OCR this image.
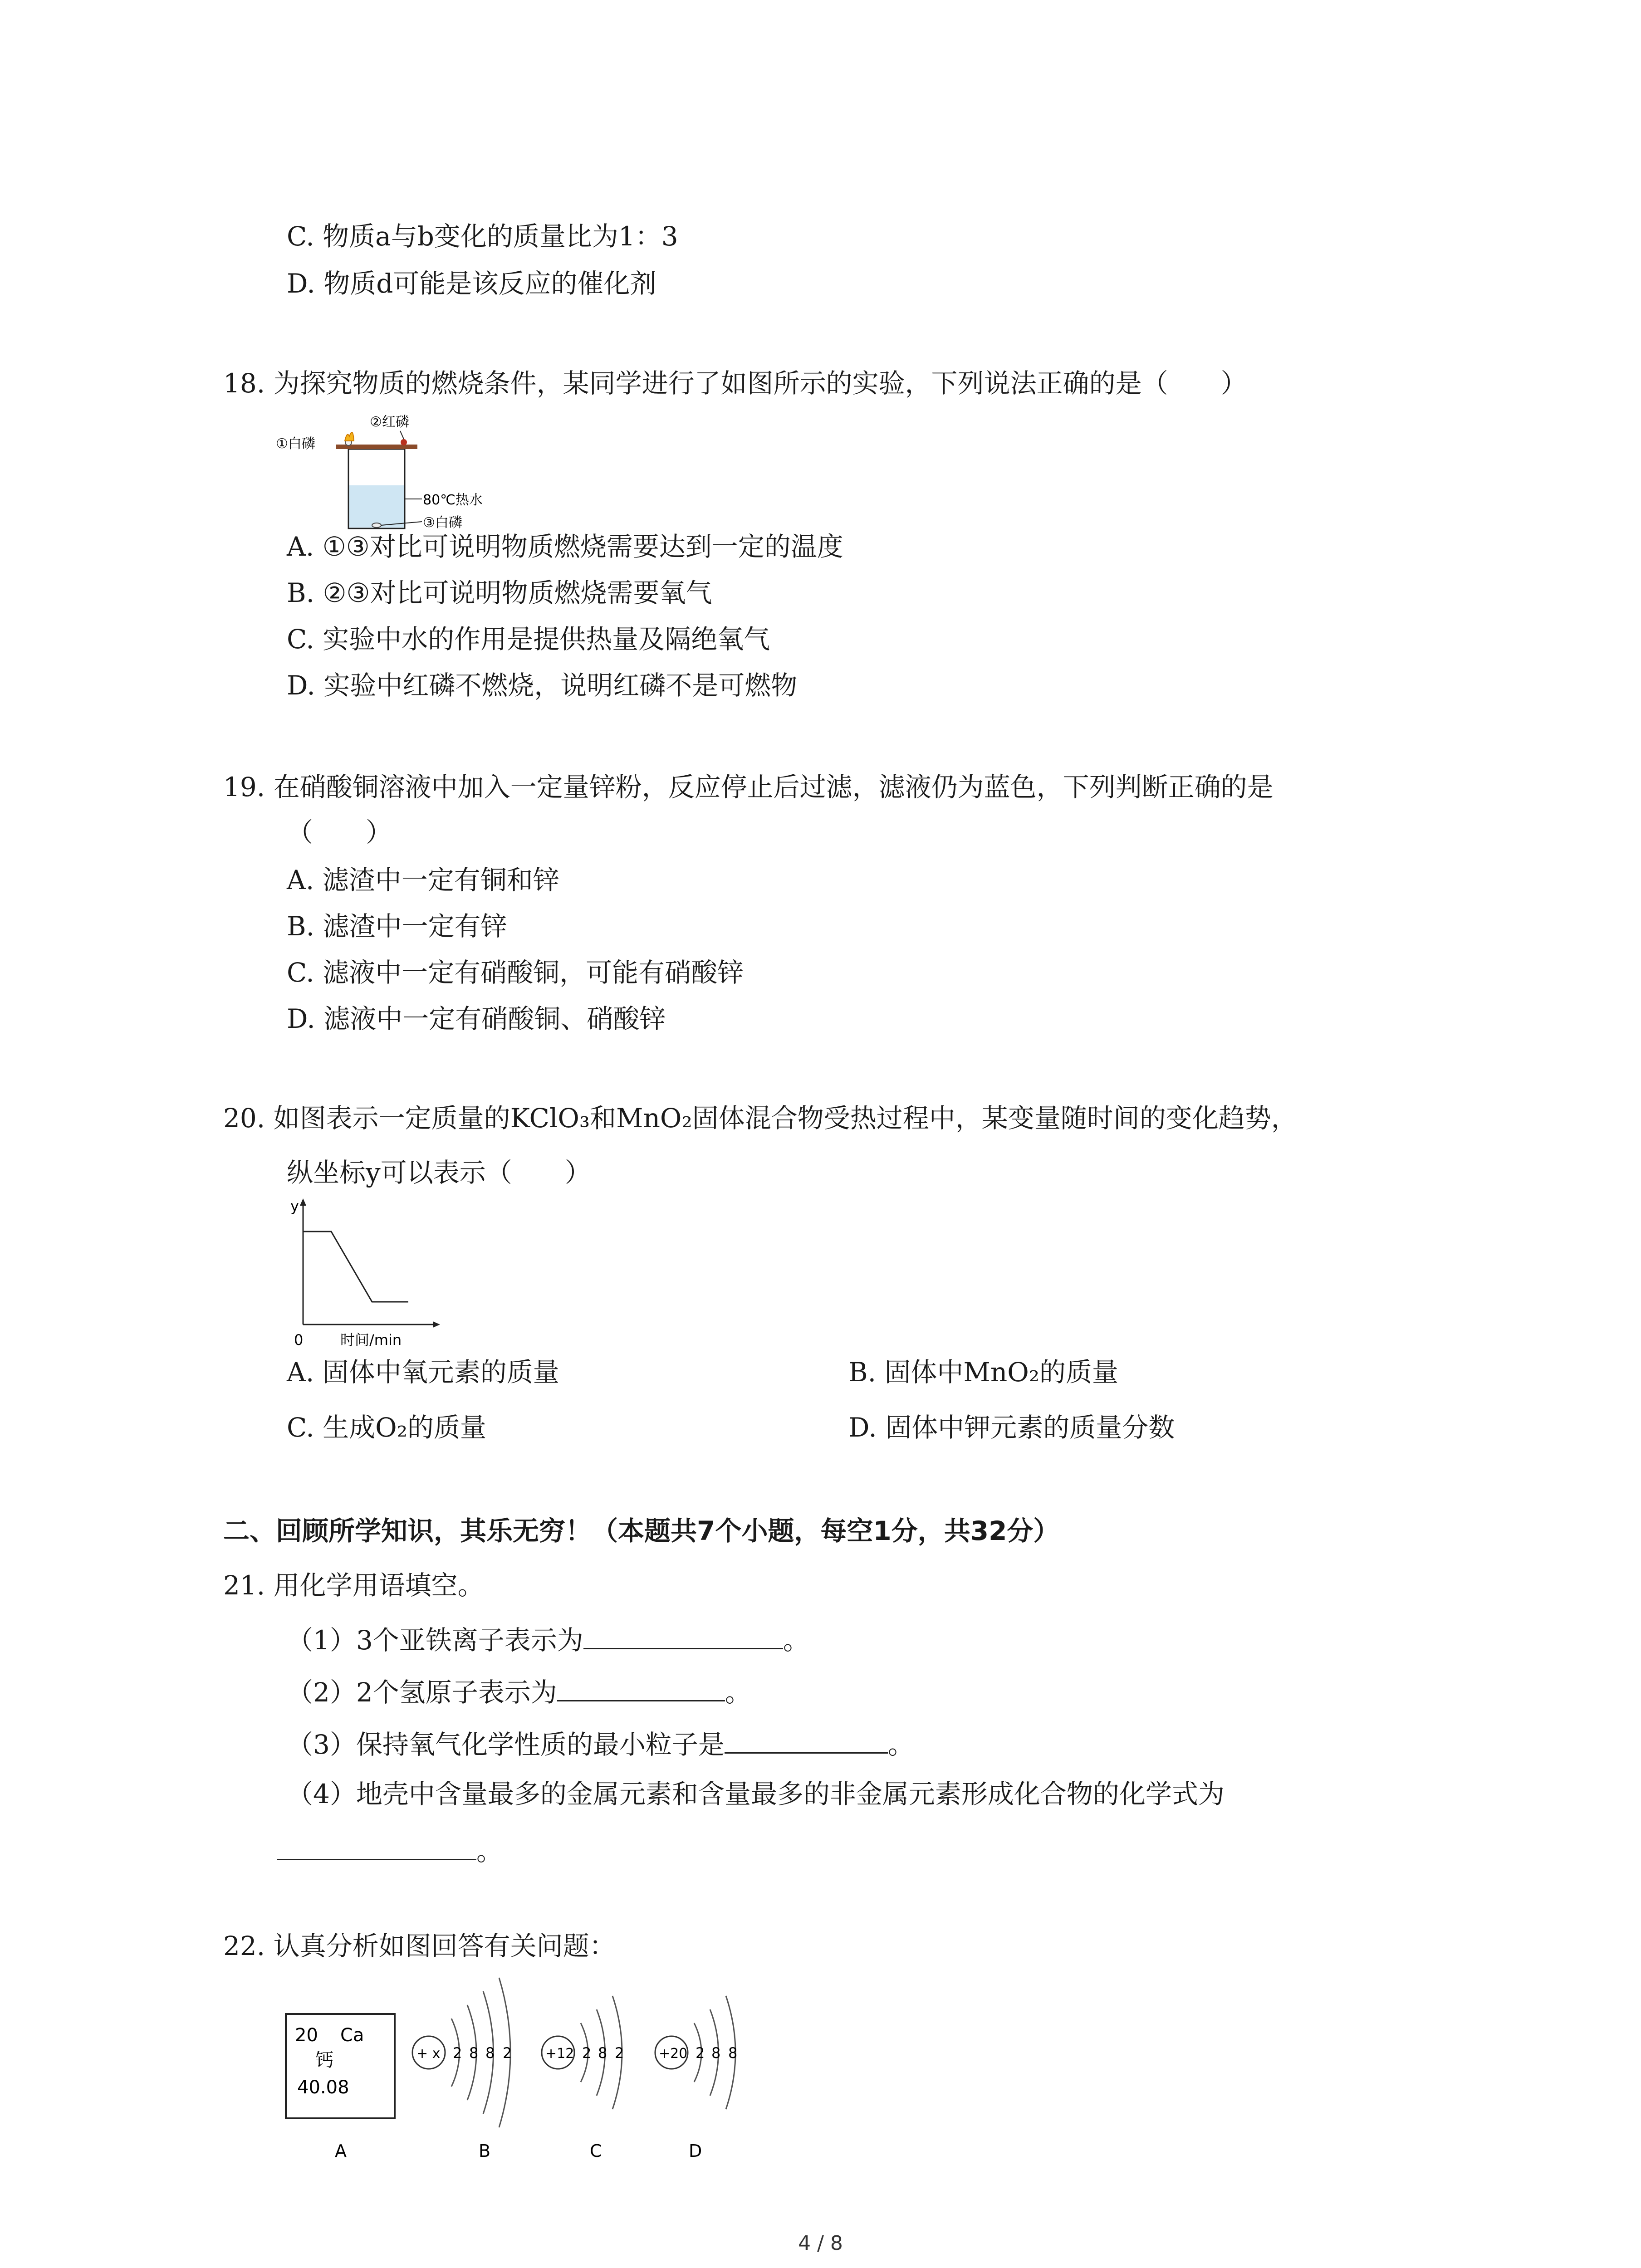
C. 物质a与b变化的质量比为1：3
D. 物质d可能是该反应的催化剂
18. 为探究物质的燃烧条件，某同学进行了如图所示的实验，下列说法正确的是（　　）
②红磷
①白磷
80℃热水
③白磷
A. ①③对比可说明物质燃烧需要达到一定的温度
B. ②③对比可说明物质燃烧需要氧气
C. 实验中水的作用是提供热量及隔绝氧气
D. 实验中红磷不燃烧，说明红磷不是可燃物
19. 在硝酸铜溶液中加入一定量锌粉，反应停止后过滤，滤液仍为蓝色，下列判断正确的是
（　　）
A. 滤渣中一定有铜和锌
B. 滤渣中一定有锌
C. 滤液中一定有硝酸铜，可能有硝酸锌
D. 滤液中一定有硝酸铜、硝酸锌
20. 如图表示一定质量的KClO₃和MnO₂固体混合物受热过程中，某变量随时间的变化趋势，
纵坐标y可以表示（　　）
y
0	时间/min
A. 固体中氧元素的质量	B. 固体中MnO₂的质量
C. 生成O₂的质量	D. 固体中钾元素的质量分数
二、回顾所学知识，其乐无穷！（本题共7个小题，每空1分，共32分）
21. 用化学用语填空。
（1）3个亚铁离子表示为	。
（2）2个氢原子表示为	。
（3）保持氧气化学性质的最小粒子是	。
（4）地壳中含量最多的金属元素和含量最多的非金属元素形成化合物的化学式为
。
22. 认真分析如图回答有关问题：
20 Ca
钙
40.08
+ x 2 8 8 2 +12 2 8 2	+20 2 8 8
A	B	C	D
4 / 8
